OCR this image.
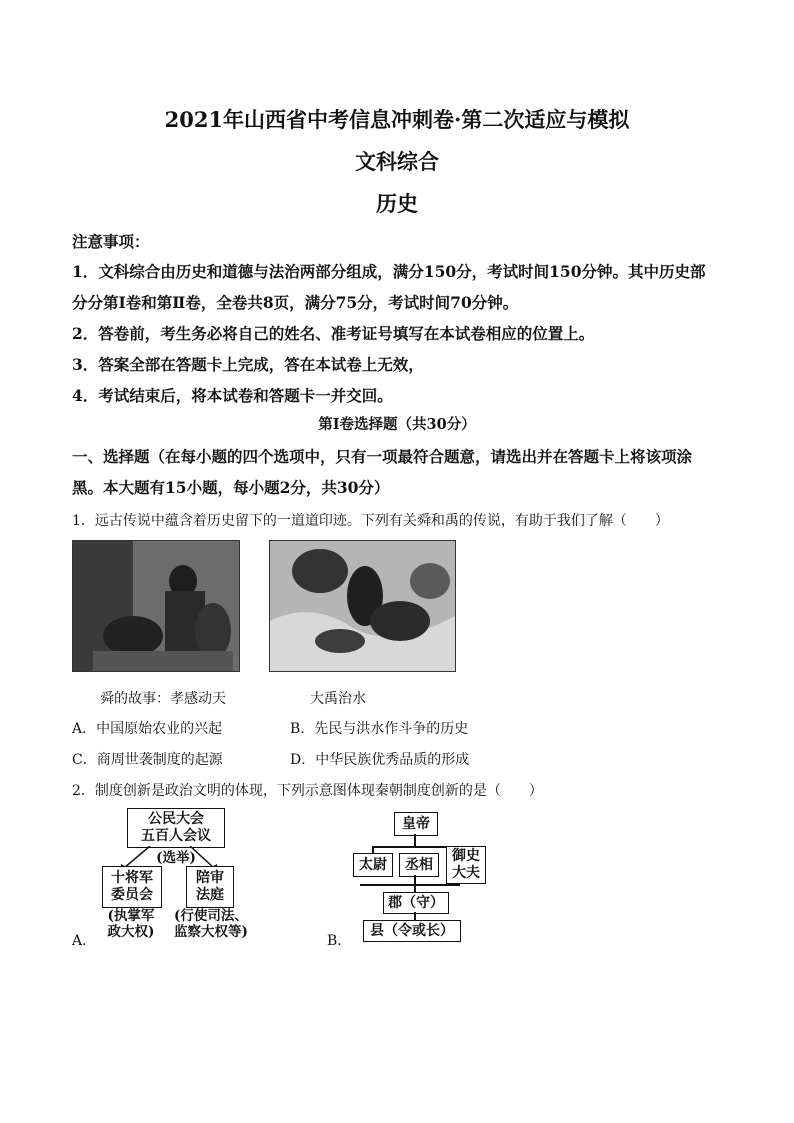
2021年山西省中考信息冲刺卷·第二次适应与模拟
文科综合
历史
注意事项：
1．文科综合由历史和道德与法治两部分组成，满分150分，考试时间150分钟。其中历史部
分分第Ⅰ卷和第Ⅱ卷，全卷共8页，满分75分，考试时间70分钟。
2．答卷前，考生务必将自己的姓名、准考证号填写在本试卷相应的位置上。
3．答案全部在答题卡上完成，答在本试卷上无效，
4．考试结束后，将本试卷和答题卡一并交回。
第Ⅰ卷选择题（共30分）
一、选择题（在每小题的四个选项中，只有一项最符合题意，请选出并在答题卡上将该项涂
黑。本大题有15小题，每小题2分，共30分）
1．远古传说中蕴含着历史留下的一道道印迹。下列有关舜和禹的传说，有助于我们了解（　　）
舜的故事：孝感动天	大禹治水
A．中国原始农业的兴起	B．先民与洪水作斗争的历史
C．商周世袭制度的起源	D．中华民族优秀品质的形成
2．制度创新是政治文明的体现，下列示意图体现秦朝制度创新的是（　　）
公民大会
五百人会议
(选举)
十将军
委员会
陪审
法庭
(执掌军
政大权)
(行使司法、
监察大权等)
A．
皇帝
太尉	丞相
御史
大夫
郡（守）
县（令或长）
B．
